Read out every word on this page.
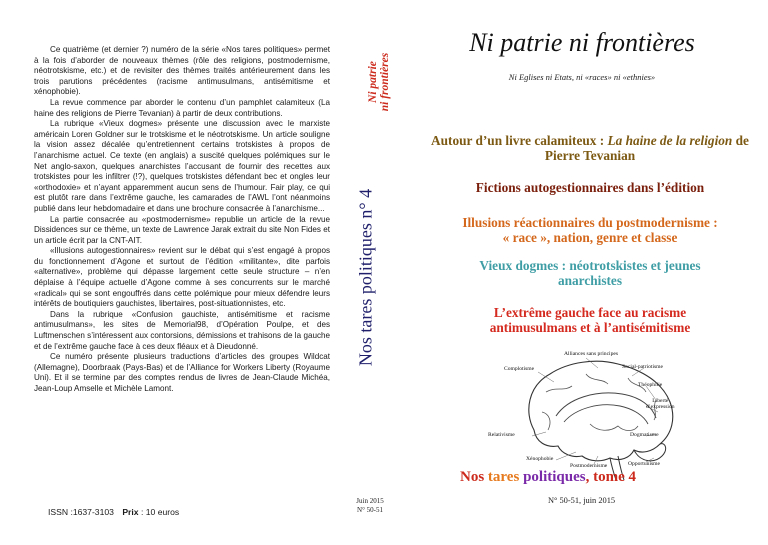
Ce quatrième (et dernier ?) numéro de la série «Nos tares politiques» permet à la fois d’aborder de nouveaux thèmes (rôle des religions, postmodernisme, néotrotskisme, etc.) et de revisiter des thèmes traités antérieurement dans les trois parutions précédentes (racisme antimusulmans, antisémitisme et xénophobie).

La revue commence par aborder le contenu d’un pamphlet calamiteux (La haine des religions de Pierre Tevanian) à partir de deux contributions.

La rubrique «Vieux dogmes» présente une discussion avec le marxiste américain Loren Goldner sur le trotskisme et le néotrotskisme. Un article souligne la vision assez décalée qu’entretiennent certains trotskistes à propos de l’anarchisme actuel. Ce texte (en anglais) a suscité quelques polémiques sur le Net anglo-saxon, quelques anarchistes l’accusant de fournir des recettes aux trotskistes pour les infiltrer (!?), quelques trotskistes défendant bec et ongles leur «orthodoxie» et n’ayant apparemment aucun sens de l’humour. Fair play, ce qui est plutôt rare dans l’extrême gauche, les camarades de l’AWL l’ont néanmoins publié dans leur hebdomadaire et dans une brochure consacrée à l’anarchisme...

La partie consacrée au «postmodernisme» republie un article de la revue Dissidences sur ce thème, un texte de Lawrence Jarak extrait du site Non Fides et un article écrit par la CNT-AIT.

«Illusions autogestionnaires» revient sur le débat qui s’est engagé à propos du fonctionnement d’Agone et surtout de l’édition «militante», dite parfois «alternative», problème qui dépasse largement cette seule structure – n’en déplaise à l’équipe actuelle d’Agone comme à ses concurrents sur le marché «radical» qui se sont engouffrés dans cette polémique pour mieux défendre leurs intérêts de boutiquiers gauchistes, libertaires, post-situationnistes, etc.

Dans la rubrique «Confusion gauchiste, antisémitisme et racisme antimusulmans», les sites de Memorial98, d’Opération Poulpe, et des Luftmenschen s’intéressent aux contorsions, démissions et trahisons de la gauche et de l’extrême gauche face à ces deux fléaux et à Dieudonné.

Ce numéro présente plusieurs traductions d’articles des groupes Wildcat (Allemagne), Doorbraak (Pays-Bas) et de l’Alliance for Workers Liberty (Royaume Uni). Et il se termine par des comptes rendus de livres de Jean-Claude Michéa, Jean-Loup Amselle et Michèle Lamont.

ISSN :1637-3103 Prix : 10 euros
Ni patrie ni frontières
Nos tares politiques n° 4
Juin 2015
N° 50-51
Ni patrie ni frontières
Ni Eglises ni Etats, ni «races» ni «ethnies»
Autour d’un livre calamiteux : La haine de la religion de Pierre Tevanian
Fictions autogestionnaires dans l’édition
Illusions réactionnaires du postmodernisme :
« race », nation, genre et classe
Vieux dogmes : néotrotskistes et jeunes
anarchistes
L’extrême gauche face au racisme
antimusulmans et à l’antisémitisme
Alliances sans principes
Complotisme	Social-patriotisme
Théophilie
Liberté
d’expression
Relativisme
Xénophobie
Postmodernisme
Dogmatisme
Opportunisme
Nos tares politiques, tome 4
N° 50-51, juin 2015
